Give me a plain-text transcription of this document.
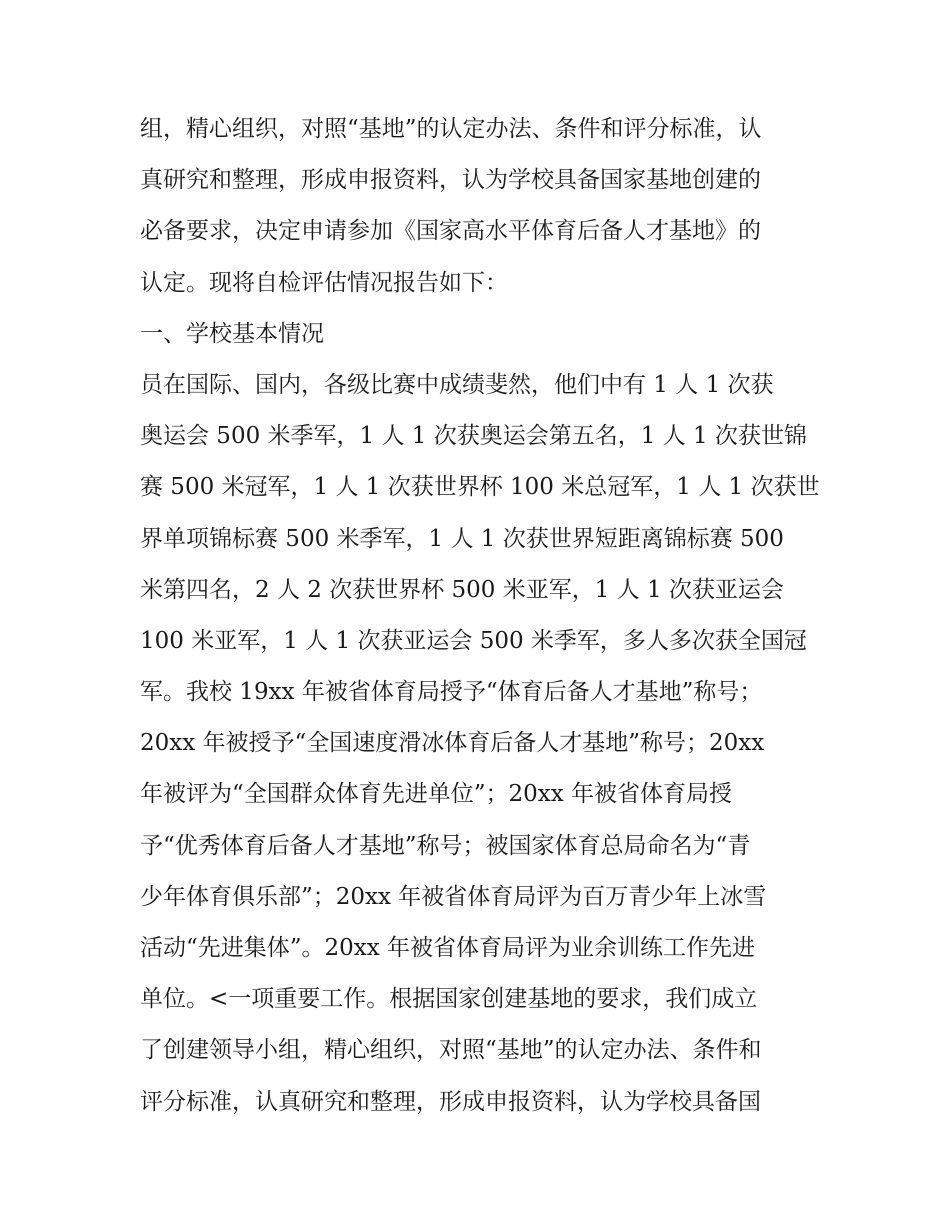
组，精心组织，对照“基地”的认定办法、条件和评分标准，认
真研究和整理，形成申报资料，认为学校具备国家基地创建的
必备要求，决定申请参加《国家高水平体育后备人才基地》的
认定。现将自检评估情况报告如下：
一、学校基本情况
员在国际、国内，各级比赛中成绩斐然，他们中有 1 人 1 次获
奥运会 500 米季军，1 人 1 次获奥运会第五名，1 人 1 次获世锦
赛 500 米冠军，1 人 1 次获世界杯 100 米总冠军，1 人 1 次获世
界单项锦标赛 500 米季军，1 人 1 次获世界短距离锦标赛 500
米第四名，2 人 2 次获世界杯 500 米亚军，1 人 1 次获亚运会
100 米亚军，1 人 1 次获亚运会 500 米季军，多人多次获全国冠
军。我校 19xx 年被省体育局授予“体育后备人才基地”称号；
20xx 年被授予“全国速度滑冰体育后备人才基地”称号；20xx
年被评为“全国群众体育先进单位”；20xx 年被省体育局授
予“优秀体育后备人才基地”称号；被国家体育总局命名为“青
少年体育俱乐部”；20xx 年被省体育局评为百万青少年上冰雪
活动“先进集体”。20xx 年被省体育局评为业余训练工作先进
单位。<一项重要工作。根据国家创建基地的要求，我们成立
了创建领导小组，精心组织，对照“基地”的认定办法、条件和
评分标准，认真研究和整理，形成申报资料，认为学校具备国
